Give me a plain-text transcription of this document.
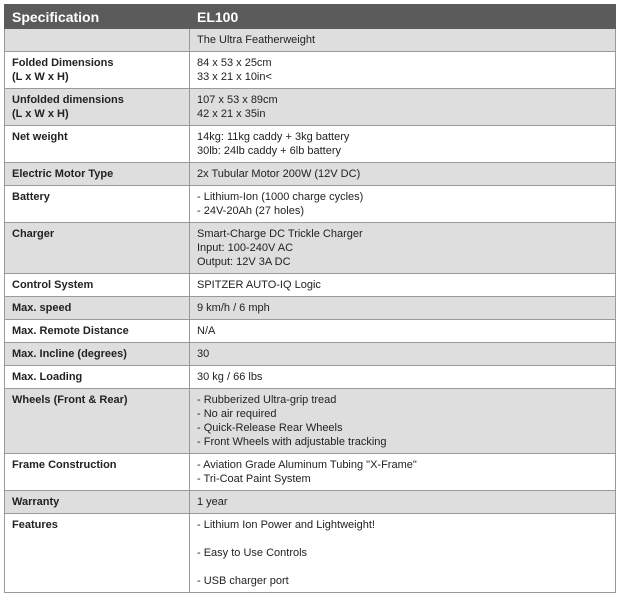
Specification	EL100

	The Ultra Featherweight

Folded Dimensions
(L x W x H)	84 x 53 x 25cm
33 x 21 x 10in<

Unfolded dimensions
(L x W x H)	107 x 53 x 89cm
42 x 21 x 35in

Net weight	14kg: 11kg caddy + 3kg battery
30lb: 24lb caddy + 6lb battery

Electric Motor Type	2x Tubular Motor 200W (12V DC)

Battery	- Lithium-Ion (1000 charge cycles)
- 24V-20Ah (27 holes)

Charger	Smart-Charge DC Trickle Charger
Input: 100-240V AC
Output: 12V 3A DC

Control System	SPITZER AUTO-IQ Logic

Max. speed	9 km/h / 6 mph

Max. Remote Distance	N/A

Max. Incline (degrees)	30

Max. Loading	30 kg / 66 lbs

Wheels (Front & Rear)	- Rubberized Ultra-grip tread
- No air required
- Quick-Release Rear Wheels
- Front Wheels with adjustable tracking

Frame Construction	- Aviation Grade Aluminum Tubing "X-Frame"
- Tri-Coat Paint System

Warranty	1 year

Features	- Lithium Ion Power and Lightweight!
- Easy to Use Controls
- USB charger port
